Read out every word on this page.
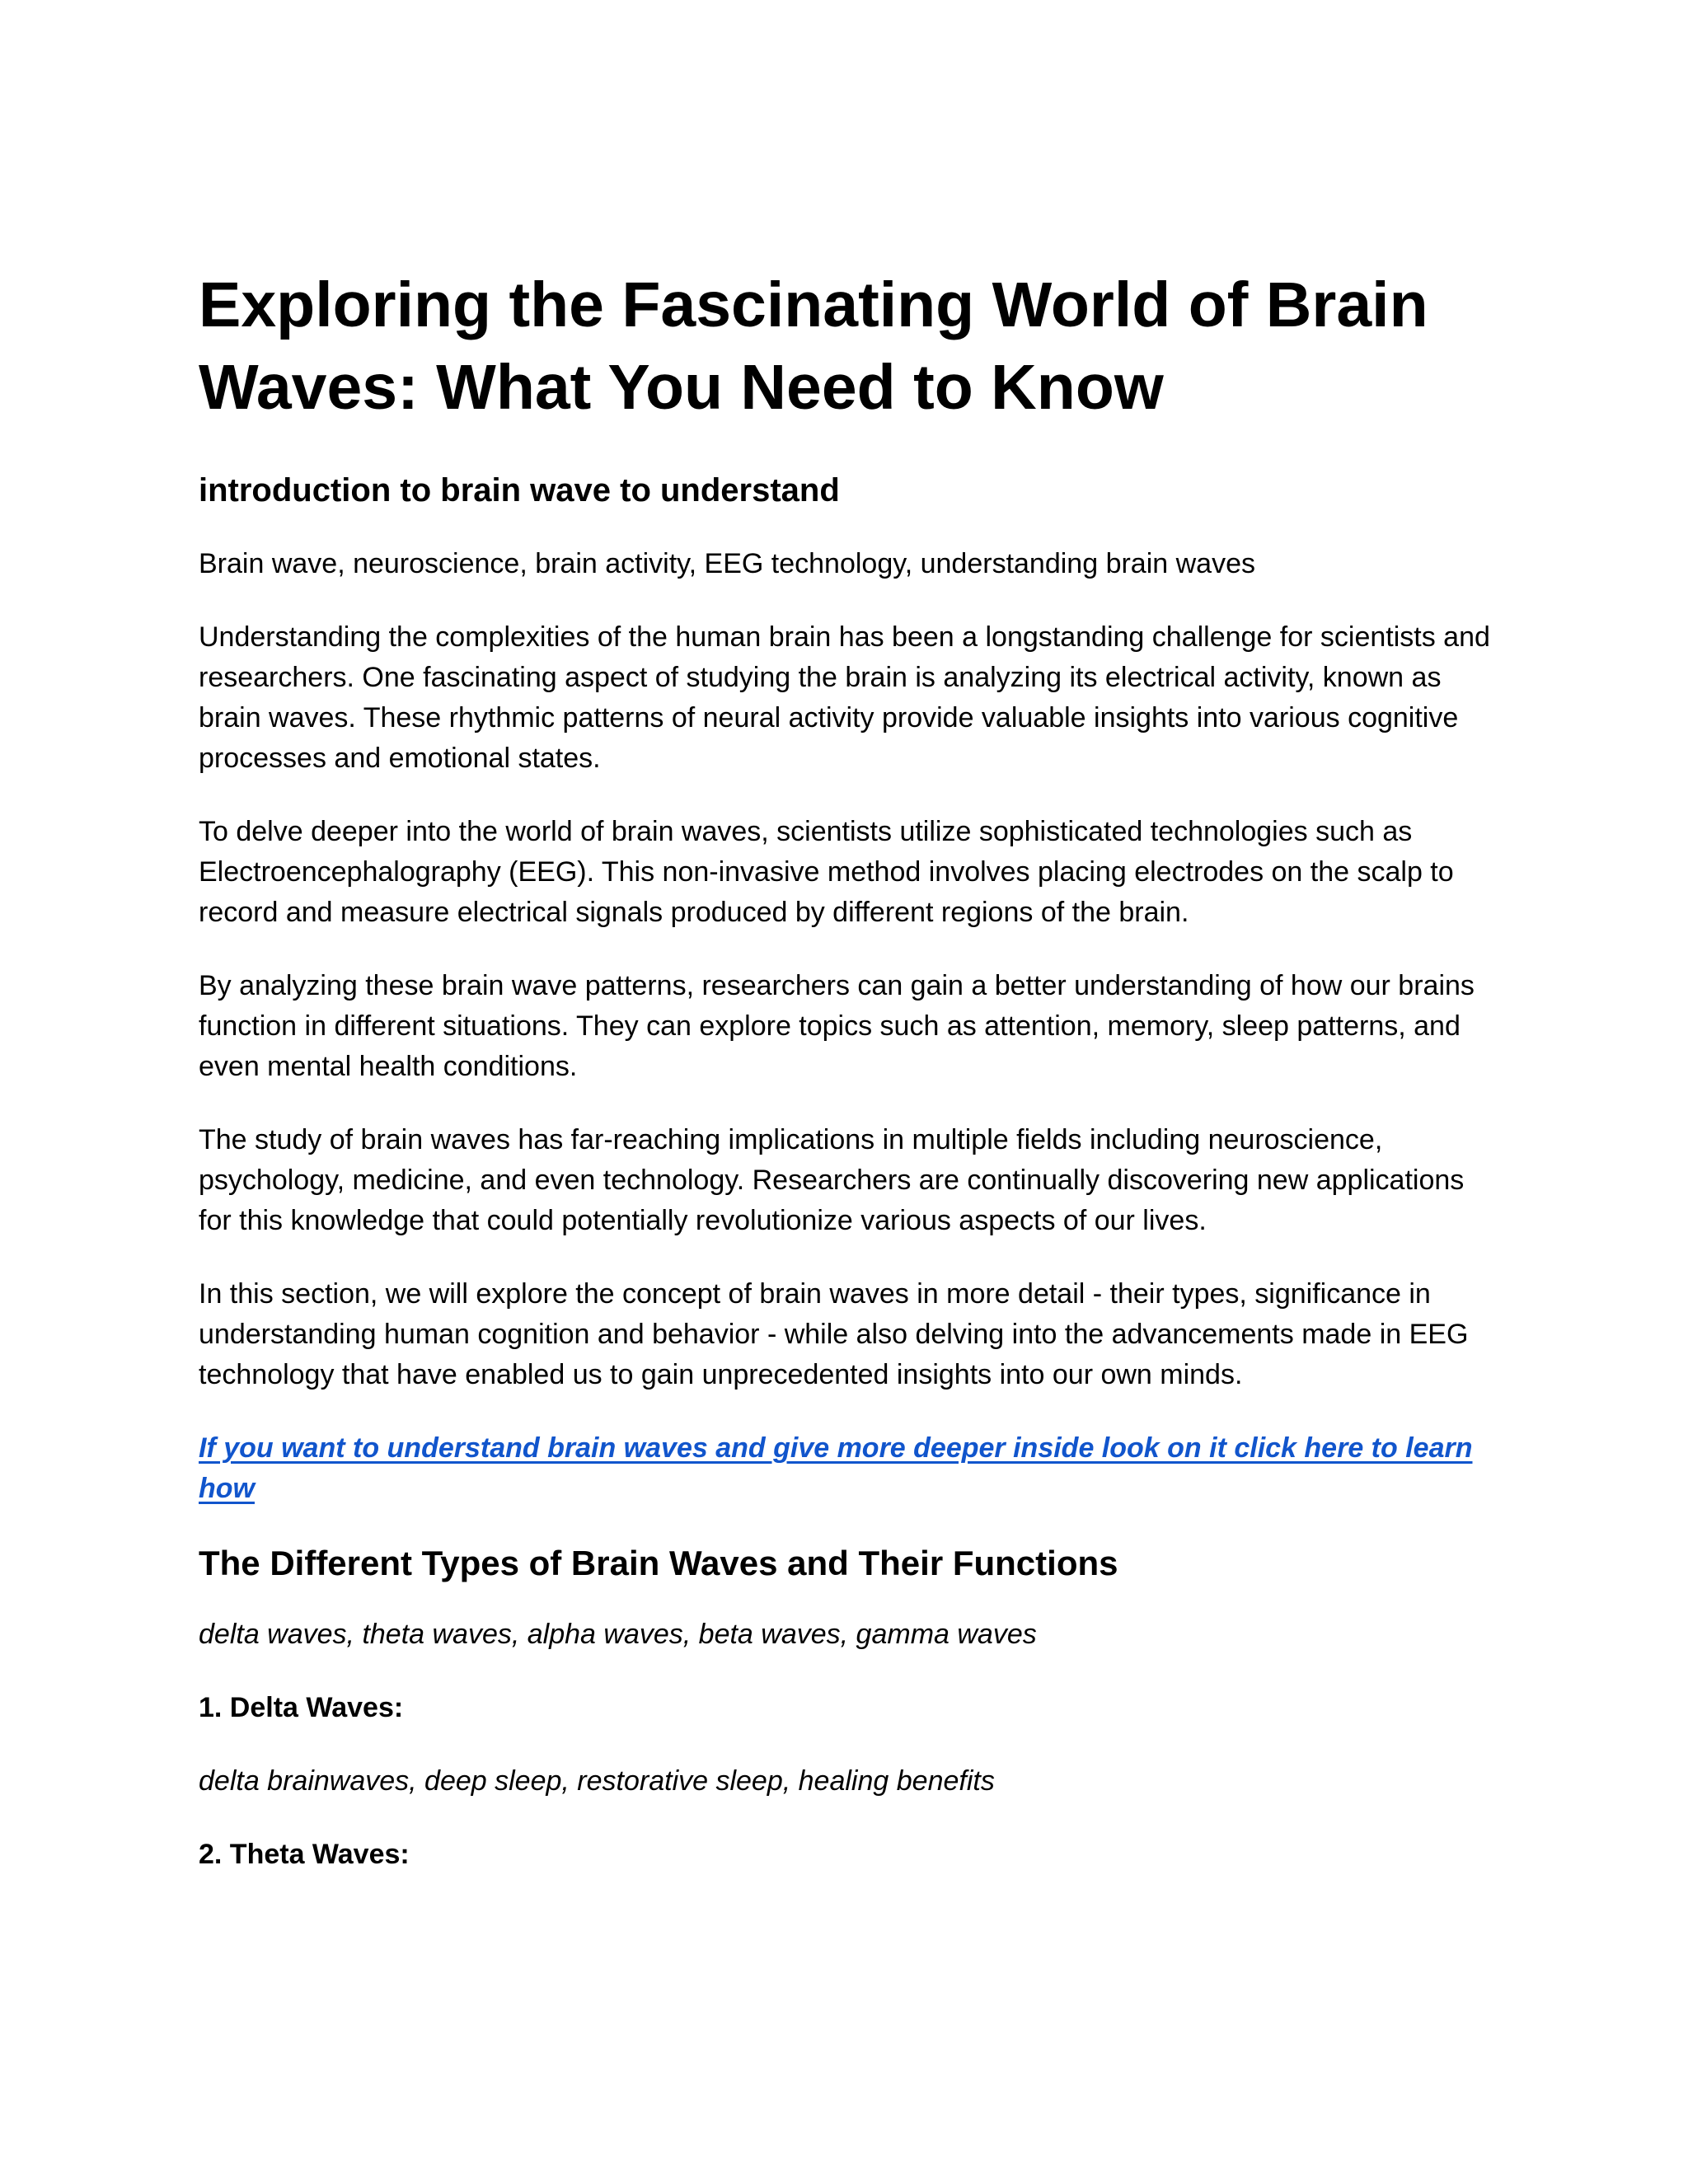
Exploring the Fascinating World of Brain Waves: What You Need to Know
introduction to brain wave to understand

Brain wave, neuroscience, brain activity, EEG technology, understanding brain waves

Understanding the complexities of the human brain has been a longstanding challenge for scientists and researchers. One fascinating aspect of studying the brain is analyzing its electrical activity, known as brain waves. These rhythmic patterns of neural activity provide valuable insights into various cognitive processes and emotional states.

To delve deeper into the world of brain waves, scientists utilize sophisticated technologies such as Electroencephalography (EEG). This non-invasive method involves placing electrodes on the scalp to record and measure electrical signals produced by different regions of the brain.

By analyzing these brain wave patterns, researchers can gain a better understanding of how our brains function in different situations. They can explore topics such as attention, memory, sleep patterns, and even mental health conditions.

The study of brain waves has far-reaching implications in multiple fields including neuroscience, psychology, medicine, and even technology. Researchers are continually discovering new applications for this knowledge that could potentially revolutionize various aspects of our lives.

In this section, we will explore the concept of brain waves in more detail - their types, significance in understanding human cognition and behavior - while also delving into the advancements made in EEG technology that have enabled us to gain unprecedented insights into our own minds.

If you want to understand brain waves and give more deeper inside look on it click here to learn how

The Different Types of Brain Waves and Their Functions

delta waves, theta waves, alpha waves, beta waves, gamma waves

1. Delta Waves:

delta brainwaves, deep sleep, restorative sleep, healing benefits

2. Theta Waves:
